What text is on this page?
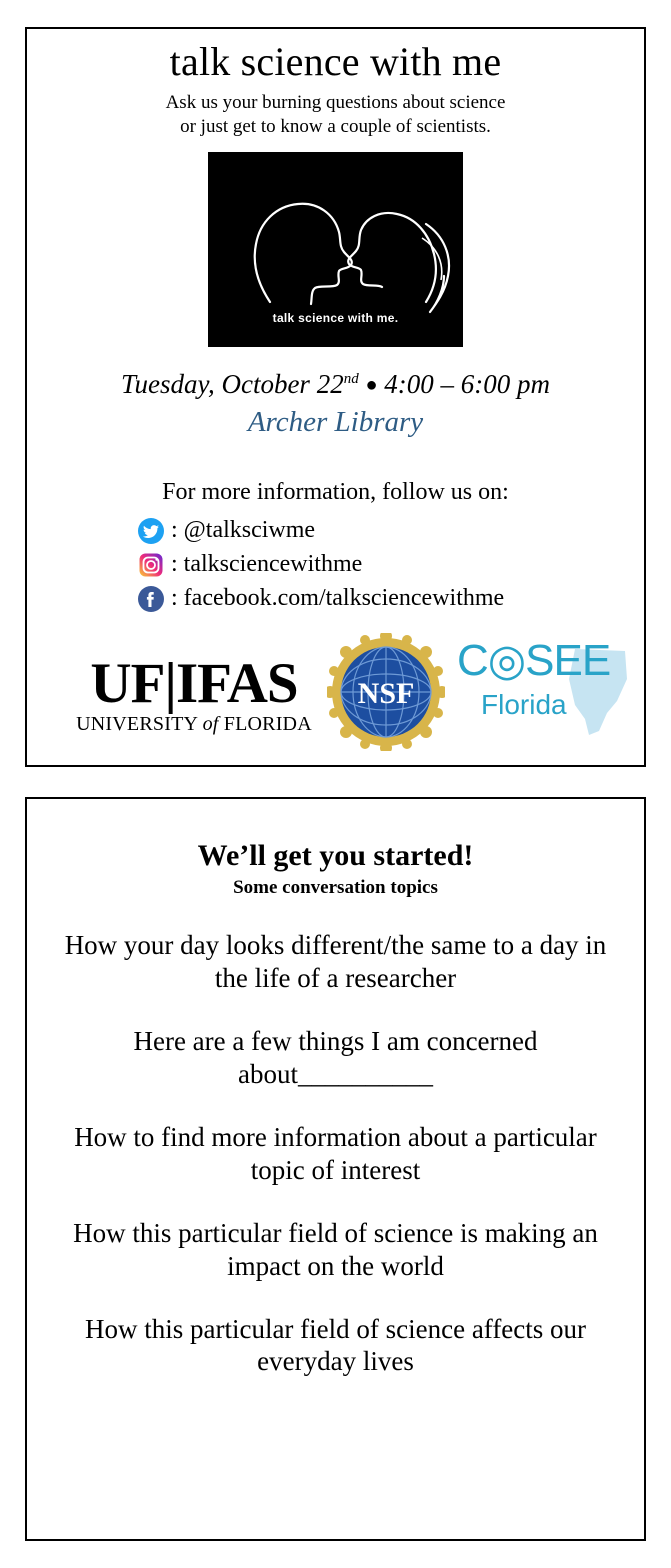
talk science with me
Ask us your burning questions about science
or just get to know a couple of scientists.
talk science with me.
Tuesday, October 22nd ● 4:00 – 6:00 pm
Archer Library
For more information, follow us on:
: @talksciwme
: talksciencewithme
: facebook.com/talksciencewithme
UF|IFAS
UNIVERSITY of FLORIDA
NSF
C◎SEE
Florida
We’ll get you started!
Some conversation topics
How your day looks different/the same to a day in the life of a researcher
Here are a few things I am concerned about__________
How to find more information about a particular topic of interest
How this particular field of science is making an impact on the world
How this particular field of science affects our everyday lives
